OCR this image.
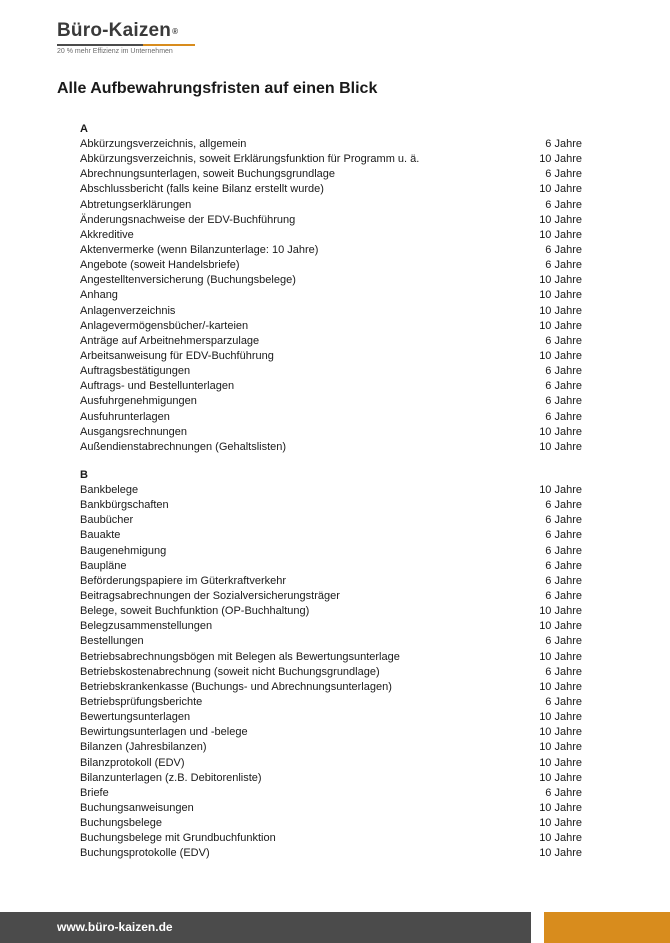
Büro-Kaizen®
20 % mehr Effizienz im Unternehmen
Alle Aufbewahrungsfristen auf einen Blick
A
Abkürzungsverzeichnis, allgemein	6 Jahre
Abkürzungsverzeichnis, soweit Erklärungsfunktion für Programm u. ä.	10 Jahre
Abrechnungsunterlagen, soweit Buchungsgrundlage	6 Jahre
Abschlussbericht (falls keine Bilanz erstellt wurde)	10 Jahre
Abtretungserklärungen	6 Jahre
Änderungsnachweise der EDV-Buchführung	10 Jahre
Akkreditive	10 Jahre
Aktenvermerke (wenn Bilanzunterlage: 10 Jahre)	6 Jahre
Angebote (soweit Handelsbriefe)	6 Jahre
Angestelltenversicherung (Buchungsbelege)	10 Jahre
Anhang	10 Jahre
Anlagenverzeichnis	10 Jahre
Anlagevermögensbücher/-karteien	10 Jahre
Anträge auf Arbeitnehmersparzulage	6 Jahre
Arbeitsanweisung für EDV-Buchführung	10 Jahre
Auftragsbestätigungen	6 Jahre
Auftrags- und Bestellunterlagen	6 Jahre
Ausfuhrgenehmigungen	6 Jahre
Ausfuhrunterlagen	6 Jahre
Ausgangsrechnungen	10 Jahre
Außendienstabrechnungen (Gehaltslisten)	10 Jahre
B
Bankbelege	10 Jahre
Bankbürgschaften	6 Jahre
Baubücher	6 Jahre
Bauakte	6 Jahre
Baugenehmigung	6 Jahre
Baupläne	6 Jahre
Beförderungspapiere im Güterkraftverkehr	6 Jahre
Beitragsabrechnungen der Sozialversicherungsträger	6 Jahre
Belege, soweit Buchfunktion (OP-Buchhaltung)	10 Jahre
Belegzusammenstellungen	10 Jahre
Bestellungen	6 Jahre
Betriebsabrechnungsbögen mit Belegen als Bewertungsunterlage	10 Jahre
Betriebskostenabrechnung (soweit nicht Buchungsgrundlage)	6 Jahre
Betriebskrankenkasse (Buchungs- und Abrechnungsunterlagen)	10 Jahre
Betriebsprüfungsberichte	6 Jahre
Bewertungsunterlagen	10 Jahre
Bewirtungsunterlagen und -belege	10 Jahre
Bilanzen (Jahresbilanzen)	10 Jahre
Bilanzprotokoll (EDV)	10 Jahre
Bilanzunterlagen (z.B. Debitorenliste)	10 Jahre
Briefe	6 Jahre
Buchungsanweisungen	10 Jahre
Buchungsbelege	10 Jahre
Buchungsbelege mit Grundbuchfunktion	10 Jahre
Buchungsprotokolle (EDV)	10 Jahre
www.büro-kaizen.de
